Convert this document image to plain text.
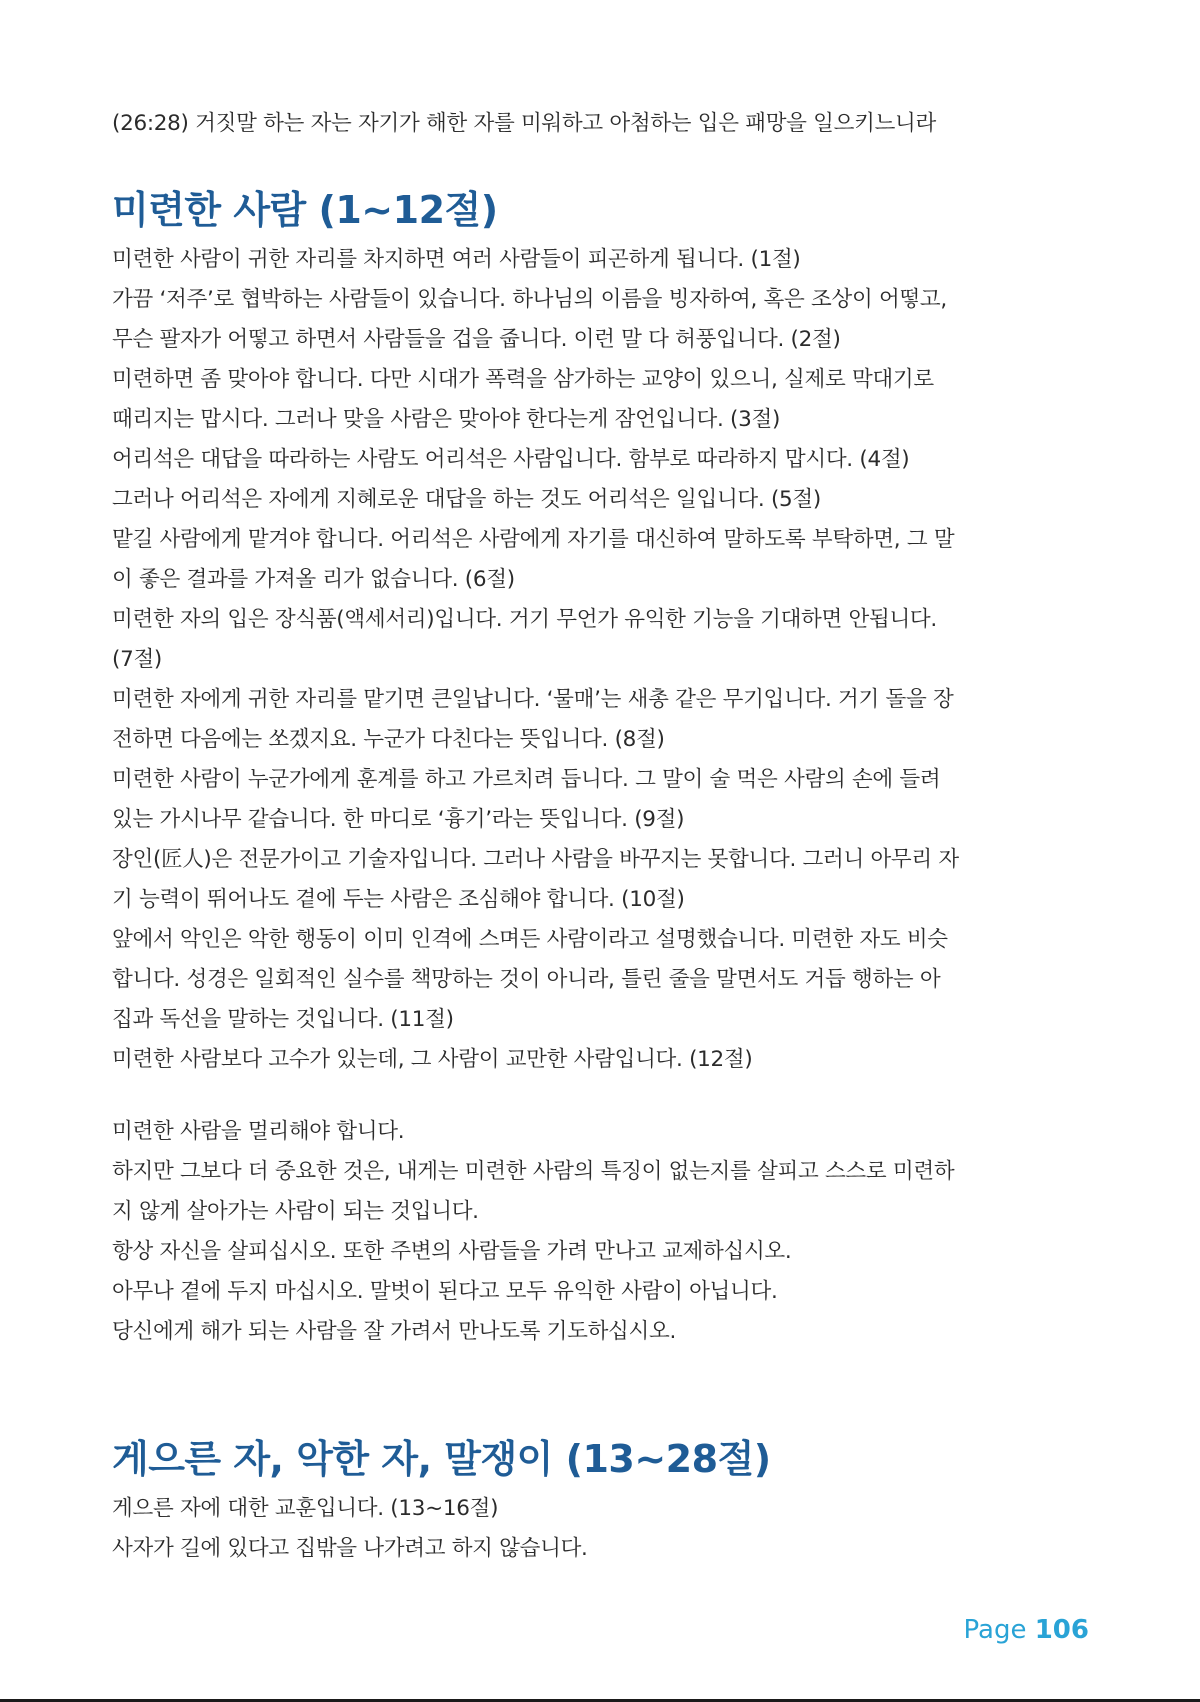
(26:28) 거짓말 하는 자는 자기가 해한 자를 미워하고 아첨하는 입은 패망을 일으키느니라
미련한 사람 (1~12절)
미련한 사람이 귀한 자리를 차지하면 여러 사람들이 피곤하게 됩니다. (1절)
가끔 ‘저주’로 협박하는 사람들이 있습니다. 하나님의 이름을 빙자하여, 혹은 조상이 어떻고,
무슨 팔자가 어떻고 하면서 사람들을 겁을 줍니다. 이런 말 다 허풍입니다. (2절)
미련하면 좀 맞아야 합니다. 다만 시대가 폭력을 삼가하는 교양이 있으니, 실제로 막대기로
때리지는 맙시다. 그러나 맞을 사람은 맞아야 한다는게 잠언입니다. (3절)
어리석은 대답을 따라하는 사람도 어리석은 사람입니다. 함부로 따라하지 맙시다. (4절)
그러나 어리석은 자에게 지혜로운 대답을 하는 것도 어리석은 일입니다. (5절)
맡길 사람에게 맡겨야 합니다. 어리석은 사람에게 자기를 대신하여 말하도록 부탁하면, 그 말
이 좋은 결과를 가져올 리가 없습니다. (6절)
미련한 자의 입은 장식품(액세서리)입니다. 거기 무언가 유익한 기능을 기대하면 안됩니다.
(7절)
미련한 자에게 귀한 자리를 맡기면 큰일납니다. ‘물매’는 새총 같은 무기입니다. 거기 돌을 장
전하면 다음에는 쏘겠지요. 누군가 다친다는 뜻입니다. (8절)
미련한 사람이 누군가에게 훈계를 하고 가르치려 듭니다. 그 말이 술 먹은 사람의 손에 들려
있는 가시나무 같습니다. 한 마디로 ‘흉기’라는 뜻입니다. (9절)
장인(匠人)은 전문가이고 기술자입니다. 그러나 사람을 바꾸지는 못합니다. 그러니 아무리 자
기 능력이 뛰어나도 곁에 두는 사람은 조심해야 합니다. (10절)
앞에서 악인은 악한 행동이 이미 인격에 스며든 사람이라고 설명했습니다. 미련한 자도 비슷
합니다. 성경은 일회적인 실수를 책망하는 것이 아니라, 틀린 줄을 말면서도 거듭 행하는 아
집과 독선을 말하는 것입니다. (11절)
미련한 사람보다 고수가 있는데, 그 사람이 교만한 사람입니다. (12절)
미련한 사람을 멀리해야 합니다.
하지만 그보다 더 중요한 것은, 내게는 미련한 사람의 특징이 없는지를 살피고 스스로 미련하
지 않게 살아가는 사람이 되는 것입니다.
항상 자신을 살피십시오. 또한 주변의 사람들을 가려 만나고 교제하십시오.
아무나 곁에 두지 마십시오. 말벗이 된다고 모두 유익한 사람이 아닙니다.
당신에게 해가 되는 사람을 잘 가려서 만나도록 기도하십시오.
게으른 자, 악한 자, 말쟁이 (13~28절)
게으른 자에 대한 교훈입니다. (13~16절)
사자가 길에 있다고 집밖을 나가려고 하지 않습니다.
Page 106
